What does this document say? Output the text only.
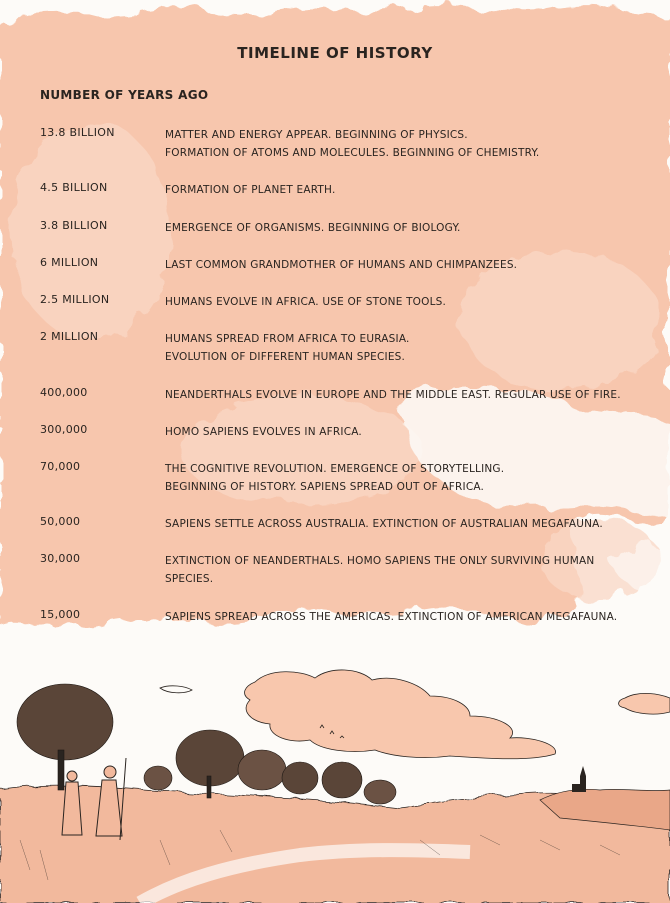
TIMELINE OF HISTORY
NUMBER OF YEARS AGO
13.8 BILLION	MATTER AND ENERGY APPEAR. BEGINNING OF PHYSICS.
FORMATION OF ATOMS AND MOLECULES. BEGINNING OF CHEMISTRY.
4.5 BILLION	FORMATION OF PLANET EARTH.
3.8 BILLION	EMERGENCE OF ORGANISMS. BEGINNING OF BIOLOGY.
6 MILLION	LAST COMMON GRANDMOTHER OF HUMANS AND CHIMPANZEES.
2.5 MILLION	HUMANS EVOLVE IN AFRICA. USE OF STONE TOOLS.
2 MILLION	HUMANS SPREAD FROM AFRICA TO EURASIA.
EVOLUTION OF DIFFERENT HUMAN SPECIES.
400,000	NEANDERTHALS EVOLVE IN EUROPE AND THE MIDDLE EAST. REGULAR USE OF FIRE.
300,000	HOMO SAPIENS EVOLVES IN AFRICA.
70,000	THE COGNITIVE REVOLUTION. EMERGENCE OF STORYTELLING.
BEGINNING OF HISTORY. SAPIENS SPREAD OUT OF AFRICA.
50,000	SAPIENS SETTLE ACROSS AUSTRALIA. EXTINCTION OF AUSTRALIAN MEGAFAUNA.
30,000	EXTINCTION OF NEANDERTHALS. HOMO SAPIENS THE ONLY SURVIVING HUMAN
SPECIES.
15,000	SAPIENS SPREAD ACROSS THE AMERICAS. EXTINCTION OF AMERICAN MEGAFAUNA.
